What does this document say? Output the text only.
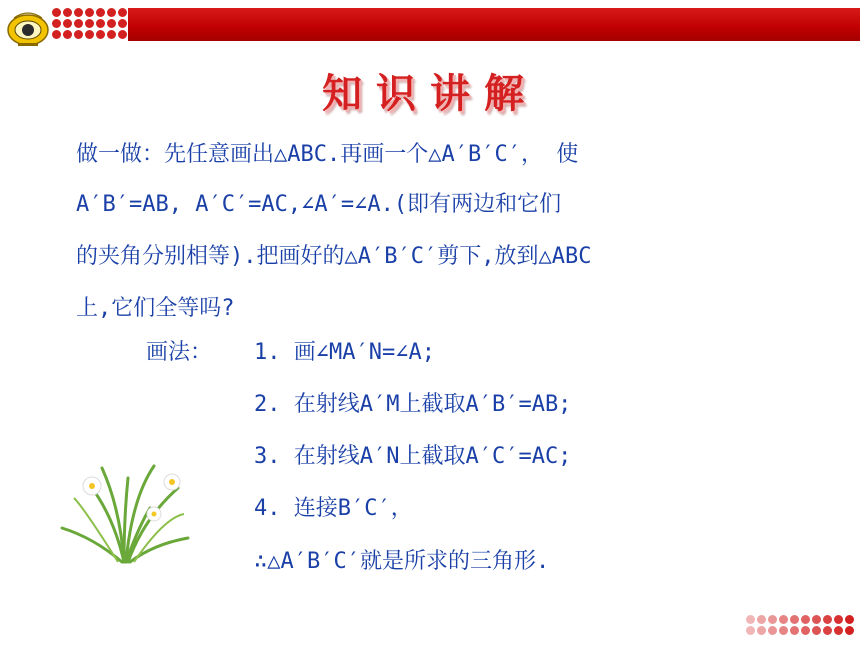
知识讲解
做一做：先任意画出△ABC.再画一个△A′B′C′， 使
A′B′=AB, A′C′=AC,∠A′=∠A.(即有两边和它们
的夹角分别相等).把画好的△A′B′C′剪下,放到△ABC
上,它们全等吗?
画法： 1. 画∠MA′N=∠A;
2. 在射线A′M上截取A′B′=AB;
3. 在射线A′N上截取A′C′=AC;
4. 连接B′C′，
∴△A′B′C′就是所求的三角形.
